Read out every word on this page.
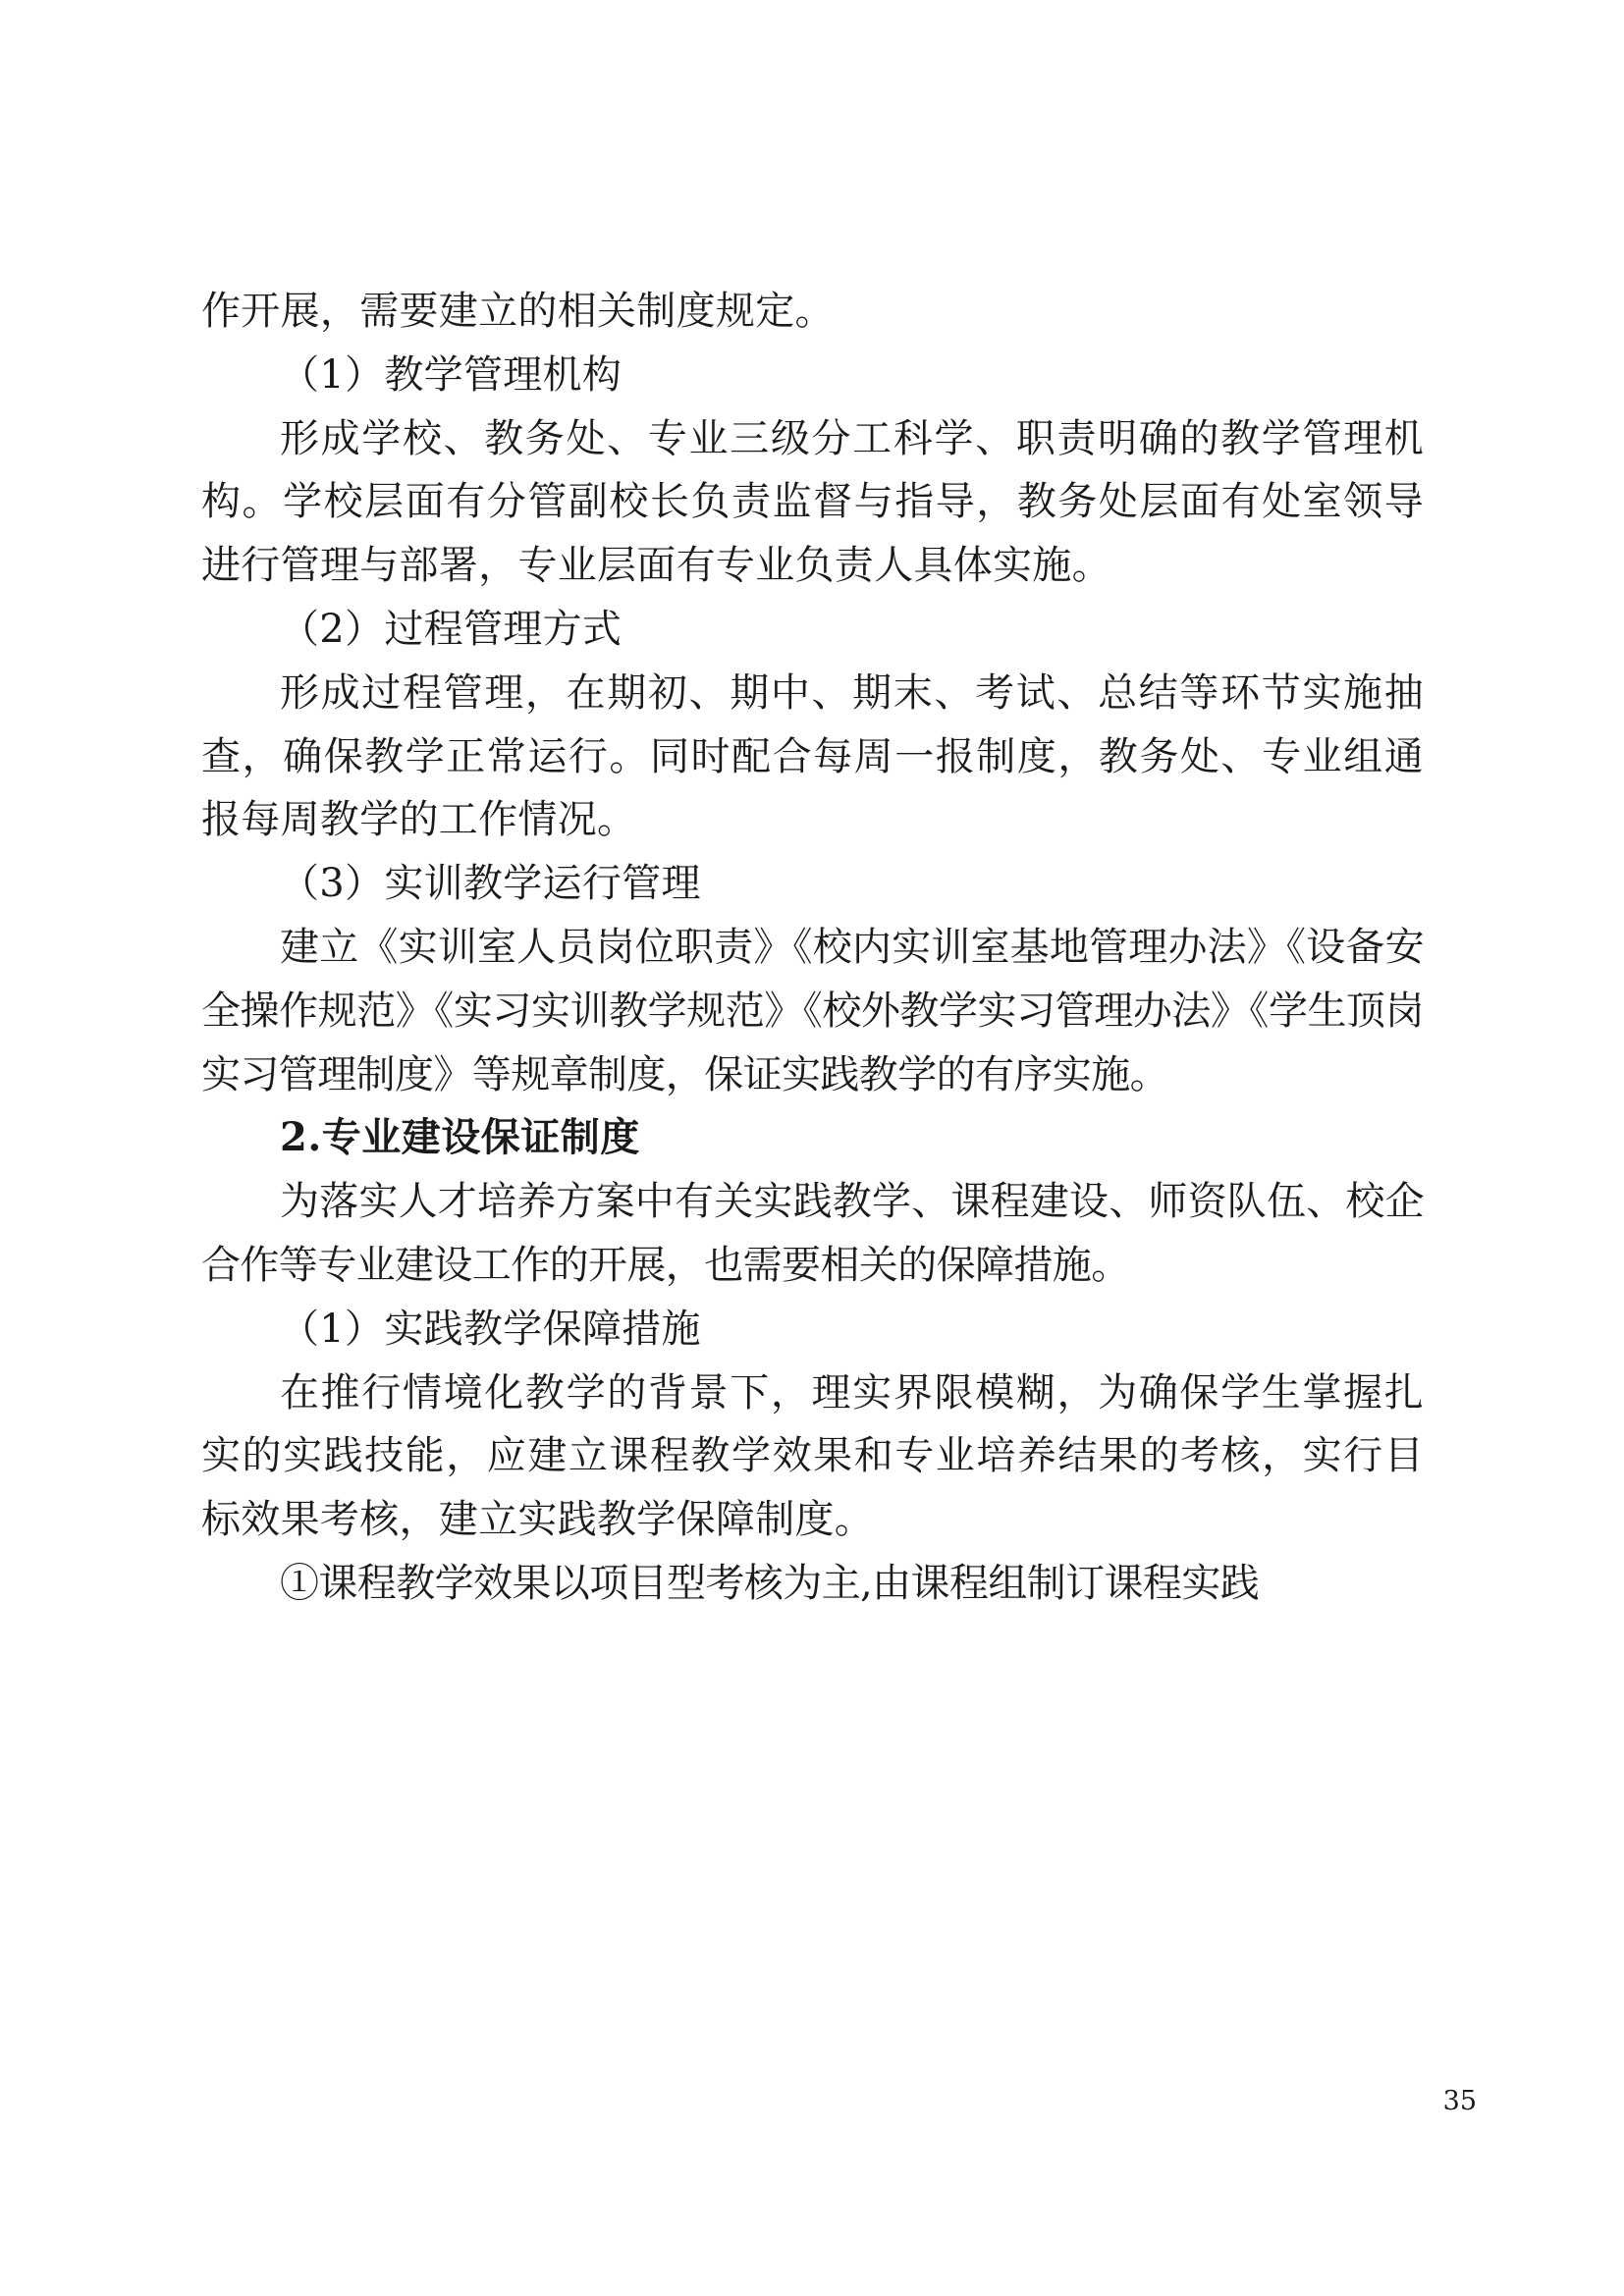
作开展，需要建立的相关制度规定。

（1）教学管理机构

形成学校、教务处、专业三级分工科学、职责明确的教学管理机构。学校层面有分管副校长负责监督与指导，教务处层面有处室领导进行管理与部署，专业层面有专业负责人具体实施。

（2）过程管理方式

形成过程管理，在期初、期中、期末、考试、总结等环节实施抽查，确保教学正常运行。同时配合每周一报制度，教务处、专业组通报每周教学的工作情况。

（3）实训教学运行管理

建立《实训室人员岗位职责》《校内实训室基地管理办法》《设备安全操作规范》《实习实训教学规范》《校外教学实习管理办法》《学生顶岗实习管理制度》等规章制度，保证实践教学的有序实施。

2.专业建设保证制度

为落实人才培养方案中有关实践教学、课程建设、师资队伍、校企合作等专业建设工作的开展，也需要相关的保障措施。

（1）实践教学保障措施

在推行情境化教学的背景下，理实界限模糊，为确保学生掌握扎实的实践技能，应建立课程教学效果和专业培养结果的考核，实行目标效果考核，建立实践教学保障制度。

①课程教学效果以项目型考核为主,由课程组制订课程实践

35
